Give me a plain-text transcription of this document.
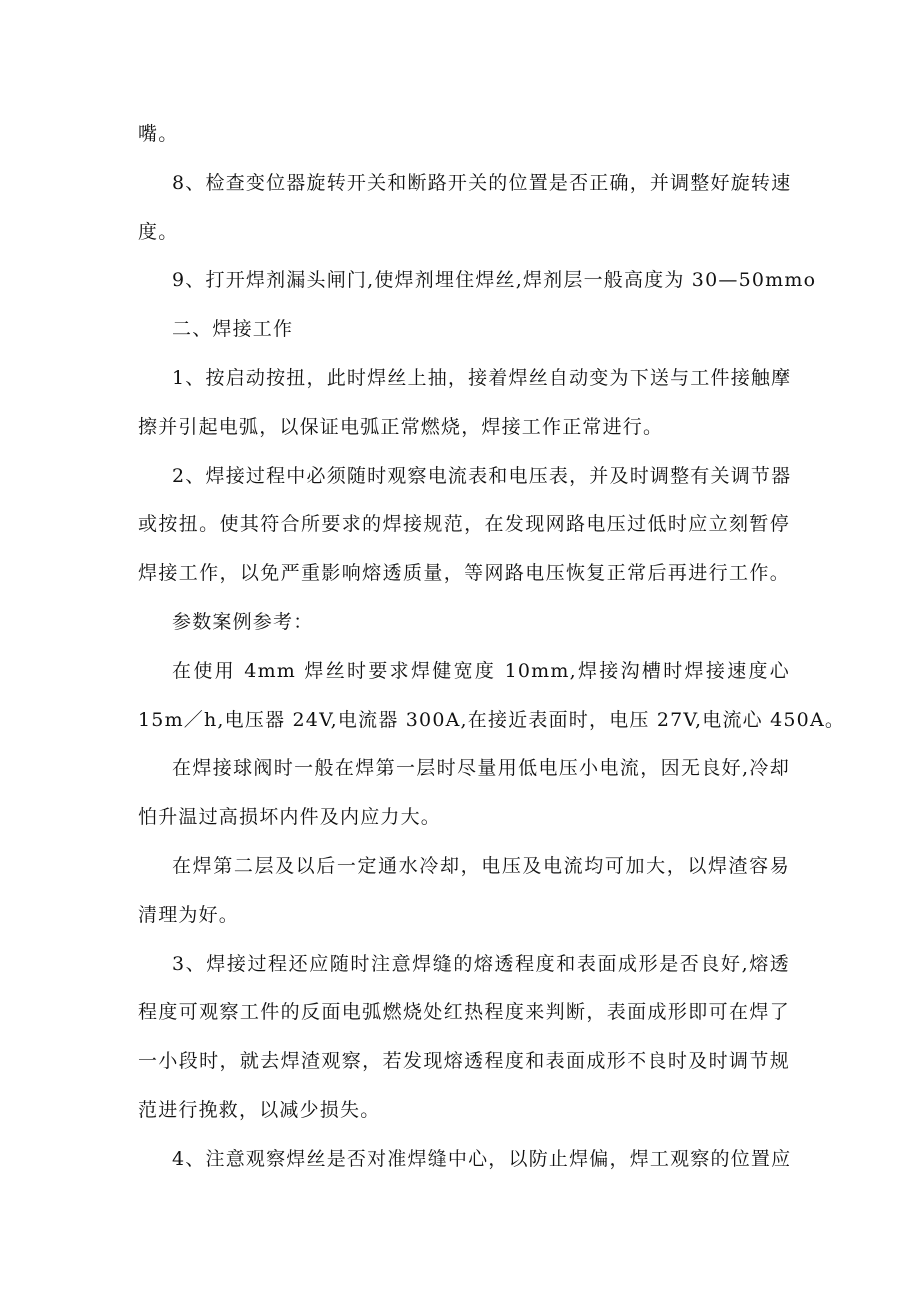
嘴。
8、检查变位器旋转开关和断路开关的位置是否正确，并调整好旋转速
度。
9、打开焊剂漏头闸门,使焊剂埋住焊丝,焊剂层一般高度为 30—50mmo
二、焊接工作
1、按启动按扭，此时焊丝上抽，接着焊丝自动变为下送与工件接触摩
擦并引起电弧，以保证电弧正常燃烧，焊接工作正常进行。
2、焊接过程中必须随时观察电流表和电压表，并及时调整有关调节器
或按扭。使其符合所要求的焊接规范，在发现网路电压过低时应立刻暂停
焊接工作，以免严重影响熔透质量，等网路电压恢复正常后再进行工作。
参数案例参考：
在使用 4mm 焊丝时要求焊健宽度 10mm,焊接沟槽时焊接速度心
15m／h,电压器 24V,电流器 300A,在接近表面时，电压 27V,电流心 450A。
在焊接球阀时一般在焊第一层时尽量用低电压小电流，因无良好,冷却
怕升温过高损坏内件及内应力大。
在焊第二层及以后一定通水冷却，电压及电流均可加大，以焊渣容易
清理为好。
3、焊接过程还应随时注意焊缝的熔透程度和表面成形是否良好,熔透
程度可观察工件的反面电弧燃烧处红热程度来判断，表面成形即可在焊了
一小段时，就去焊渣观察，若发现熔透程度和表面成形不良时及时调节规
范进行挽救，以减少损失。
4、注意观察焊丝是否对准焊缝中心，以防止焊偏，焊工观察的位置应
